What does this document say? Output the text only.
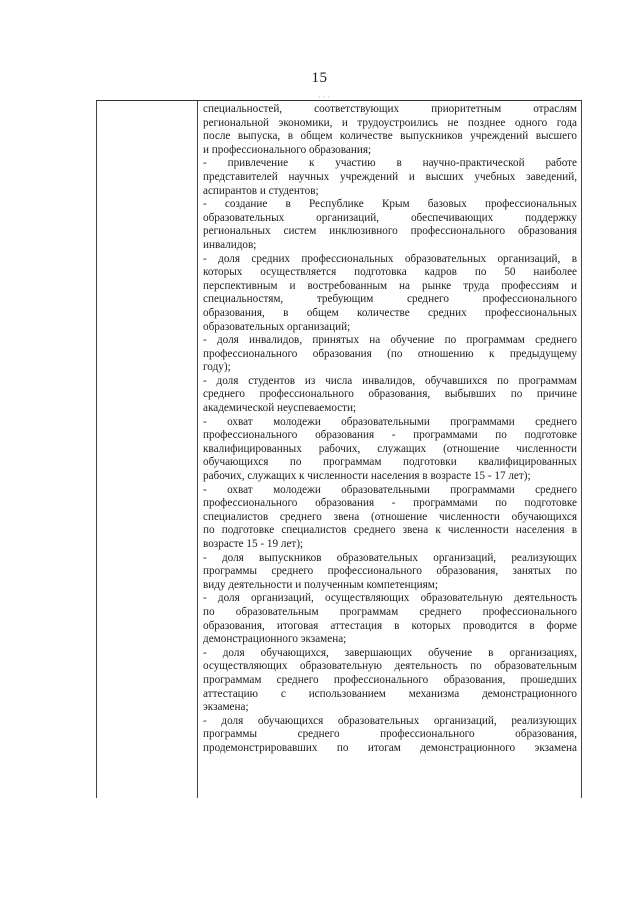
15
· · ·
специальностей, соответствующих приоритетным отраслям
региональной экономики, и трудоустроились не позднее одного года
после выпуска, в общем количестве выпускников учреждений высшего
и профессионального образования;
- привлечение к участию в научно-практической работе
представителей научных учреждений и высших учебных заведений,
аспирантов и студентов;
- создание в Республике Крым базовых профессиональных
образовательных организаций, обеспечивающих поддержку
региональных систем инклюзивного профессионального образования
инвалидов;
- доля средних профессиональных образовательных организаций, в
которых осуществляется подготовка кадров по 50 наиболее
перспективным и востребованным на рынке труда профессиям и
специальностям, требующим среднего профессионального
образования, в общем количестве средних профессиональных
образовательных организаций;
- доля инвалидов, принятых на обучение по программам среднего
профессионального образования (по отношению к предыдущему
году);
- доля студентов из числа инвалидов, обучавшихся по программам
среднего профессионального образования, выбывших по причине
академической неуспеваемости;
- охват молодежи образовательными программами среднего
профессионального образования - программами по подготовке
квалифицированных рабочих, служащих (отношение численности
обучающихся по программам подготовки квалифицированных
рабочих, служащих к численности населения в возрасте 15 - 17 лет);
- охват молодежи образовательными программами среднего
профессионального образования - программами по подготовке
специалистов среднего звена (отношение численности обучающихся
по подготовке специалистов среднего звена к численности населения в
возрасте 15 - 19 лет);
- доля выпускников образовательных организаций, реализующих
программы среднего профессионального образования, занятых по
виду деятельности и полученным компетенциям;
- доля организаций, осуществляющих образовательную деятельность
по образовательным программам среднего профессионального
образования, итоговая аттестация в которых проводится в форме
демонстрационного экзамена;
- доля обучающихся, завершающих обучение в организациях,
осуществляющих образовательную деятельность по образовательным
программам среднего профессионального образования, прошедших
аттестацию с использованием механизма демонстрационного
экзамена;
- доля обучающихся образовательных организаций, реализующих
программы среднего профессионального образования,
продемонстрировавших по итогам демонстрационного экзамена
